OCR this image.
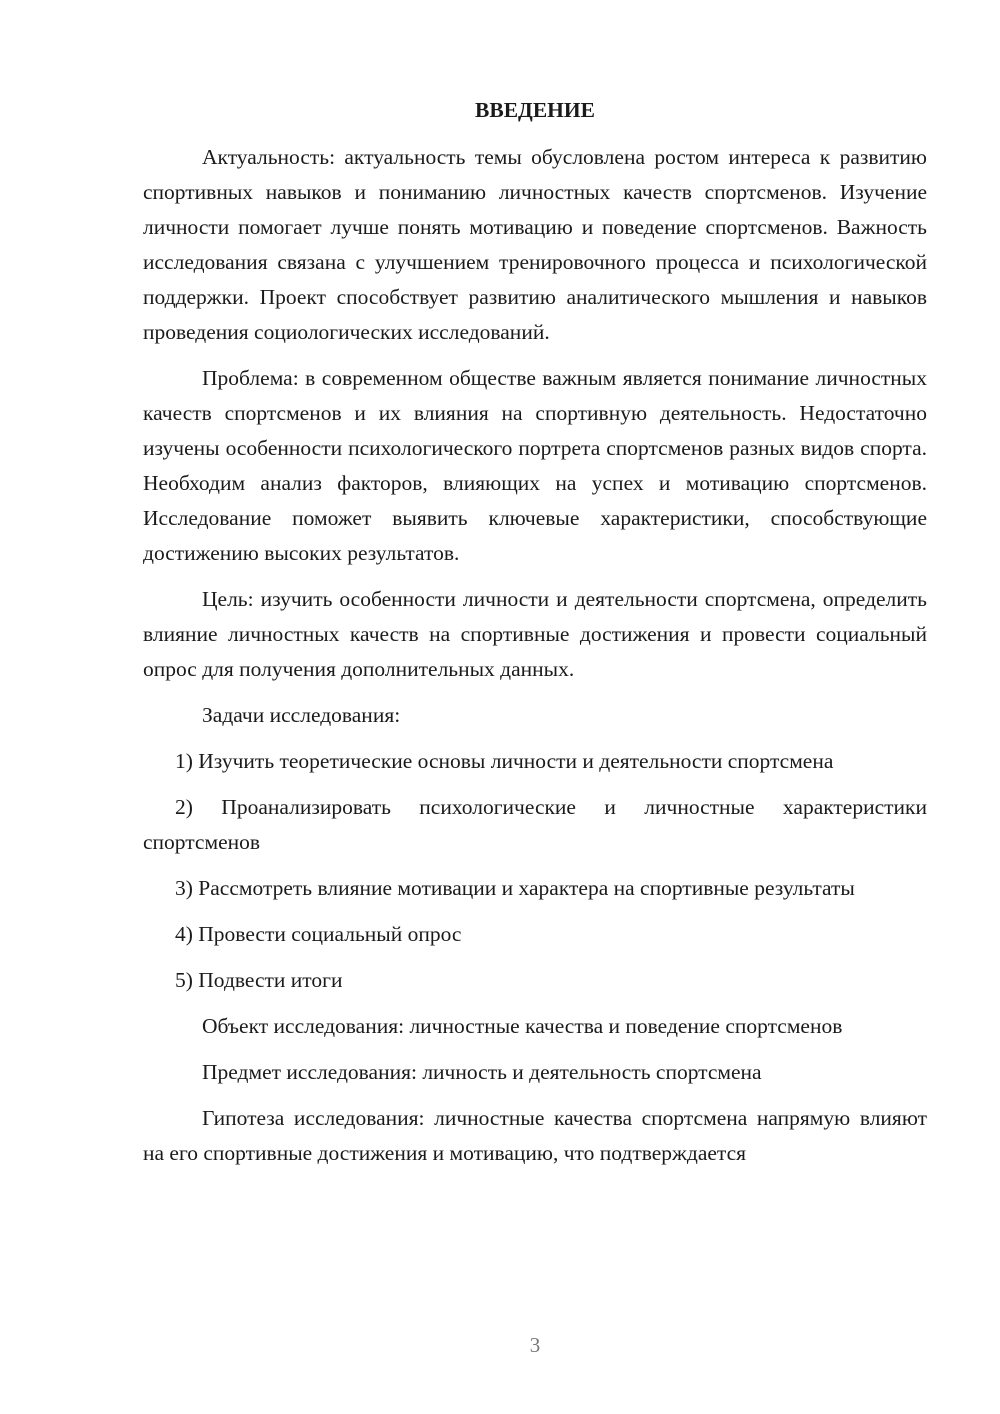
ВВЕДЕНИЕ

Актуальность: актуальность темы обусловлена ростом интереса к развитию спортивных навыков и пониманию личностных качеств спортсменов. Изучение личности помогает лучше понять мотивацию и поведение спортсменов. Важность исследования связана с улучшением тренировочного процесса и психологической поддержки. Проект способствует развитию аналитического мышления и навыков проведения социологических исследований.

Проблема: в современном обществе важным является понимание личностных качеств спортсменов и их влияния на спортивную деятельность. Недостаточно изучены особенности психологического портрета спортсменов разных видов спорта. Необходим анализ факторов, влияющих на успех и мотивацию спортсменов. Исследование поможет выявить ключевые характеристики, способствующие достижению высоких результатов.

Цель: изучить особенности личности и деятельности спортсмена, определить влияние личностных качеств на спортивные достижения и провести социальный опрос для получения дополнительных данных.

Задачи исследования:

1) Изучить теоретические основы личности и деятельности спортсмена

2) Проанализировать психологические и личностные характеристики спортсменов

3) Рассмотреть влияние мотивации и характера на спортивные результаты

4) Провести социальный опрос

5) Подвести итоги

Объект исследования: личностные качества и поведение спортсменов

Предмет исследования: личность и деятельность спортсмена

Гипотеза исследования: личностные качества спортсмена напрямую влияют на его спортивные достижения и мотивацию, что подтверждается

3
